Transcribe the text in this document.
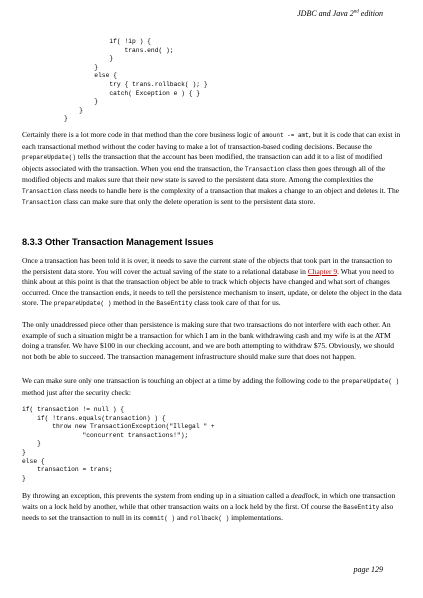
JDBC and Java 2nd edition
if( !ip ) {
trans.end( );
}
}
else {
try { trans.rollback( ); }
catch( Exception e ) { }
}
}
}

Certainly there is a lot more code in that method than the core business logic of amount -= amt, but it is code that can exist in each transactional method without the coder having to make a lot of transaction-based coding decisions. Because the prepareUpdate() tells the transaction that the account has been modified, the transaction can add it to a list of modified objects associated with the transaction. When you end the transaction, the Transaction class then goes through all of the modified objects and makes sure that their new state is saved to the persistent data store. Among the complexities the Transaction class needs to handle here is the complexity of a transaction that makes a change to an object and deletes it. The Transaction class can make sure that only the delete operation is sent to the persistent data store.

8.3.3 Other Transaction Management Issues

Once a transaction has been told it is over, it needs to save the current state of the objects that took part in the transaction to the persistent data store. You will cover the actual saving of the state to a relational database in Chapter 9. What you need to think about at this point is that the transaction object be able to track which objects have changed and what sort of changes occurred. Once the transaction ends, it needs to tell the persistence mechanism to insert, update, or delete the object in the data store. The prepareUpdate( ) method in the BaseEntity class took care of that for us.

The only unaddressed piece other than persistence is making sure that two transactions do not interfere with each other. An example of such a situation might be a transaction for which I am in the bank withdrawing cash and my wife is at the ATM doing a transfer. We have $100 in our checking account, and we are both attempting to withdraw $75. Obviously, we should not both be able to succeed. The transaction management infrastructure should make sure that does not happen.

We can make sure only one transaction is touching an object at a time by adding the following code to the prepareUpdate( ) method just after the security check:

if( transaction != null ) {
if( !trans.equals(transaction) ) {
throw new TransactionException("Illegal " +
"concurrent transactions!");
}
}
else {
transaction = trans;
}

By throwing an exception, this prevents the system from ending up in a situation called a deadlock, in which one transaction waits on a lock held by another, while that other transaction waits on a lock held by the first. Of course the BaseEntity also needs to set the transaction to null in its commit( ) and rollback( ) implementations.

page 129
